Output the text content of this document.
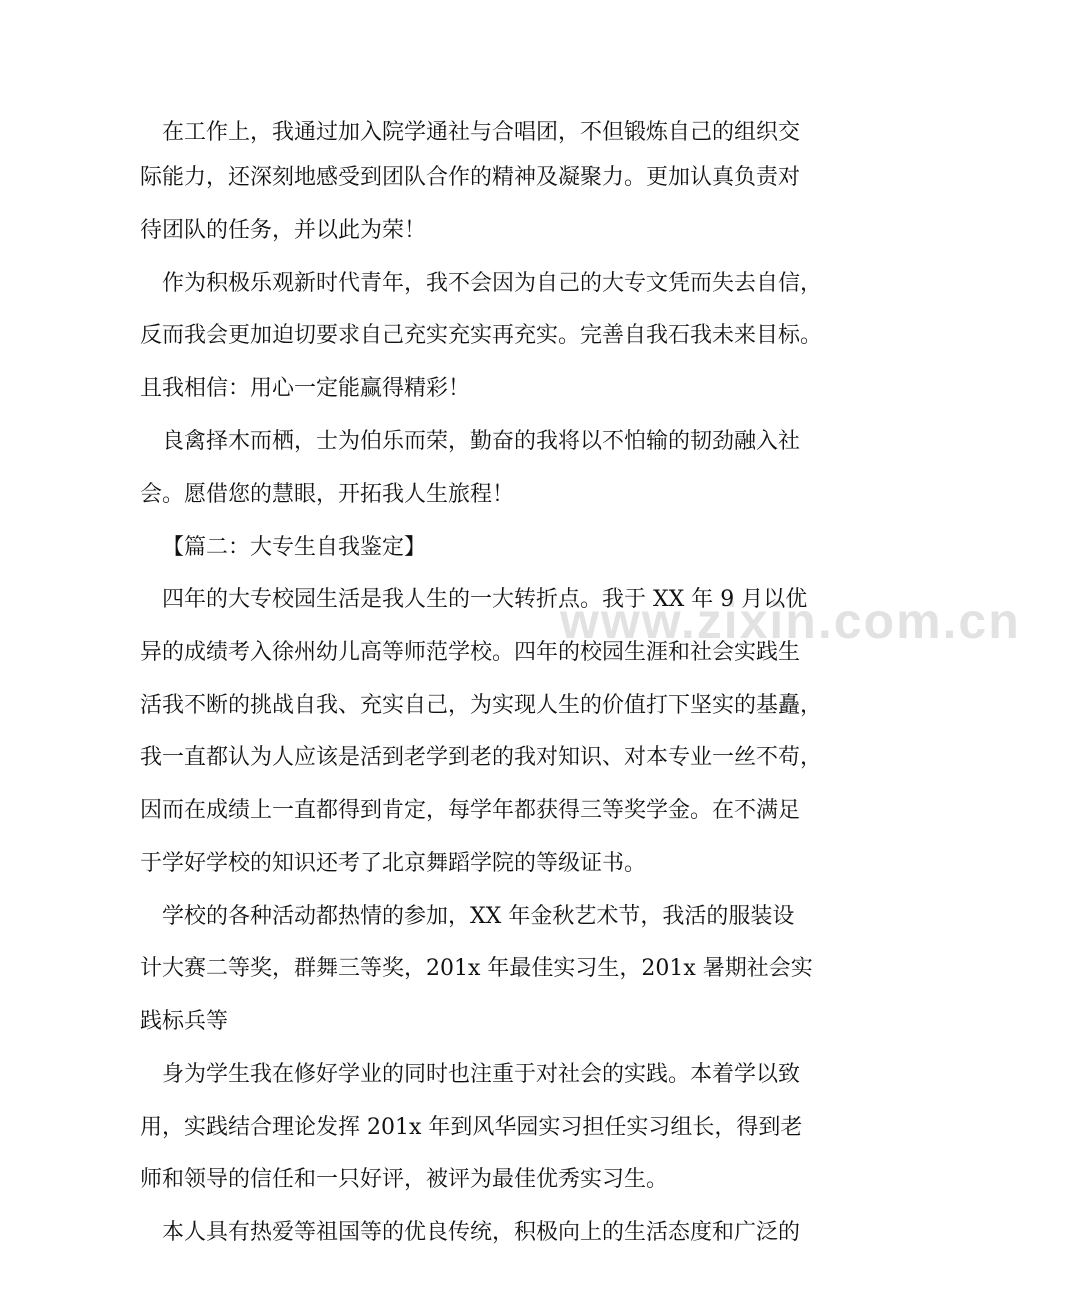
www.zixin.com.cn
在工作上，我通过加入院学通社与合唱团，不但锻炼自己的组织交
际能力，还深刻地感受到团队合作的精神及凝聚力。更加认真负责对
待团队的任务，并以此为荣！
作为积极乐观新时代青年，我不会因为自己的大专文凭而失去自信，
反而我会更加迫切要求自己充实充实再充实。完善自我石我未来目标。
且我相信：用心一定能赢得精彩！
良禽择木而栖，士为伯乐而荣，勤奋的我将以不怕输的韧劲融入社
会。愿借您的慧眼，开拓我人生旅程！
【篇二：大专生自我鉴定】
四年的大专校园生活是我人生的一大转折点。我于 XX 年 9 月以优
异的成绩考入徐州幼儿高等师范学校。四年的校园生涯和社会实践生
活我不断的挑战自我、充实自己，为实现人生的价值打下坚实的基矗，
我一直都认为人应该是活到老学到老的我对知识、对本专业一丝不苟，
因而在成绩上一直都得到肯定，每学年都获得三等奖学金。在不满足
于学好学校的知识还考了北京舞蹈学院的等级证书。
学校的各种活动都热情的参加，XX 年金秋艺术节，我活的服装设
计大赛二等奖，群舞三等奖，201x 年最佳实习生，201x 暑期社会实
践标兵等
身为学生我在修好学业的同时也注重于对社会的实践。本着学以致
用，实践结合理论发挥 201x 年到风华园实习担任实习组长，得到老
师和领导的信任和一只好评，被评为最佳优秀实习生。
本人具有热爱等祖国等的优良传统，积极向上的生活态度和广泛的
